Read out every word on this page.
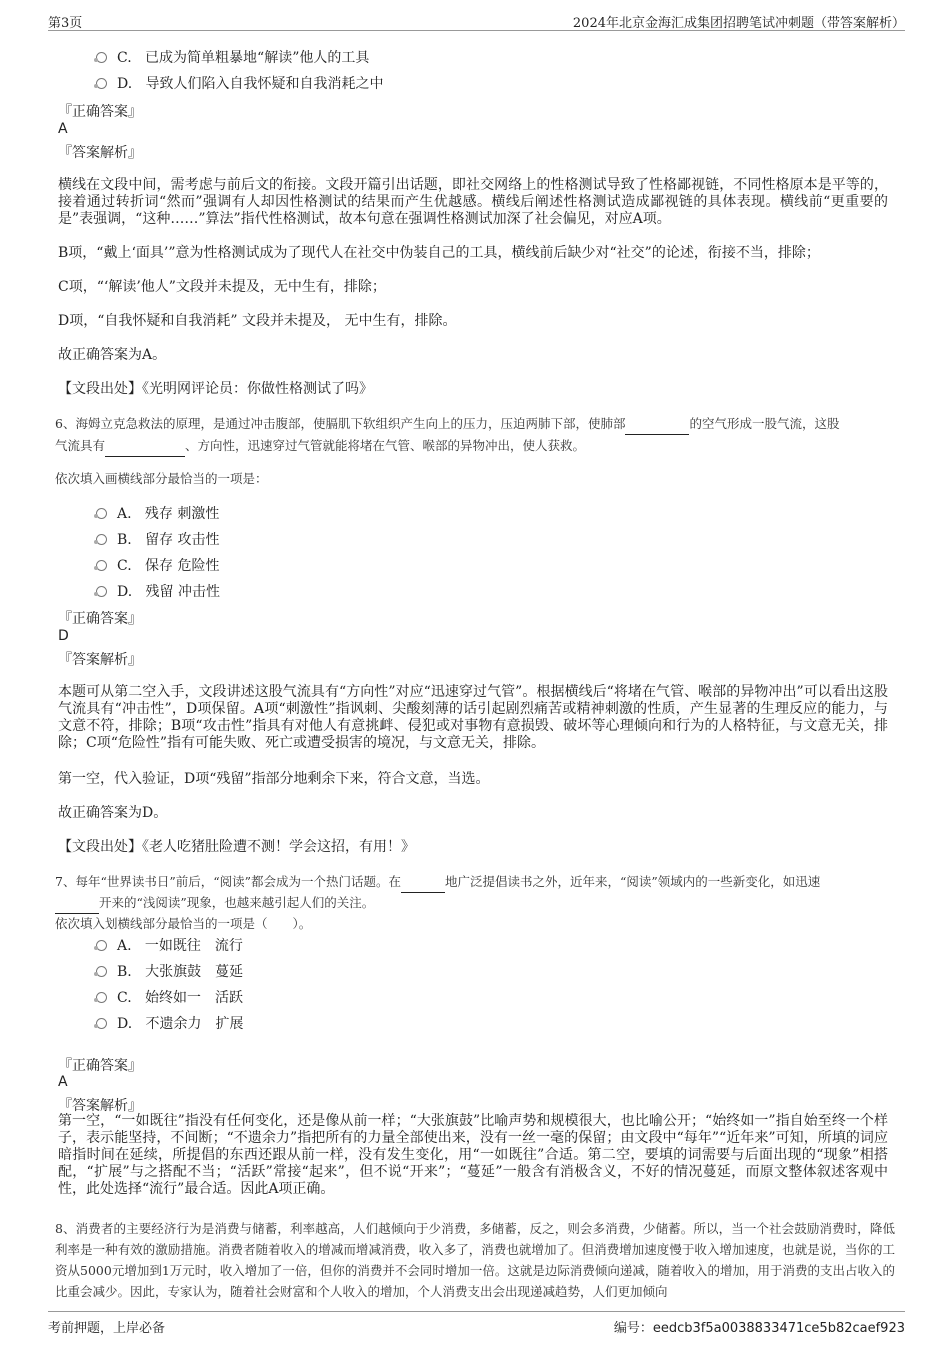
第3页	2024年北京金海汇成集团招聘笔试冲刺题（带答案解析）
C. 已成为简单粗暴地“解读”他人的工具
D. 导致人们陷入自我怀疑和自我消耗之中
『正确答案』
A
『答案解析』
横线在文段中间，需考虑与前后文的衔接。文段开篇引出话题，即社交网络上的性格测试导致了性格鄙视链，不同性格原本是平等的，接着通过转折词“然而”强调有人却因性格测试的结果而产生优越感。横线后阐述性格测试造成鄙视链的具体表现。横线前“更重要的是”表强调，“这种……”算法”指代性格测试，故本句意在强调性格测试加深了社会偏见，对应A项。
B项，“戴上‘面具’”意为性格测试成为了现代人在社交中伪装自己的工具，横线前后缺少对“社交”的论述，衔接不当，排除；
C项，“‘解读’他人”文段并未提及，无中生有，排除；
D项，“自我怀疑和自我消耗” 文段并未提及， 无中生有，排除。
故正确答案为A。
【文段出处】《光明网评论员：你做性格测试了吗》
6、海姆立克急救法的原理，是通过冲击腹部，使膈肌下软组织产生向上的压力，压迫两肺下部，使肺部	的空气形成一股气流，这股
气流具有	、方向性，迅速穿过气管就能将堵在气管、喉部的异物冲出，使人获救。
依次填入画横线部分最恰当的一项是：
A. 残存 刺激性
B. 留存 攻击性
C. 保存 危险性
D. 残留 冲击性
『正确答案』
D
『答案解析』
本题可从第二空入手，文段讲述这股气流具有“方向性”对应“迅速穿过气管”。根据横线后“将堵在气管、喉部的异物冲出”可以看出这股气流具有“冲击性”，D项保留。A项“刺激性”指讽刺、尖酸刻薄的话引起剧烈痛苦或精神刺激的性质，产生显著的生理反应的能力，与文意不符，排除；B项“攻击性”指具有对他人有意挑衅、侵犯或对事物有意损毁、破坏等心理倾向和行为的人格特征，与文意无关，排除；C项“危险性”指有可能失败、死亡或遭受损害的境况，与文意无关，排除。
第一空，代入验证，D项“残留”指部分地剩余下来，符合文意，当选。
故正确答案为D。
【文段出处】《老人吃猪肚险遭不测！学会这招，有用！》
7、每年“世界读书日”前后，“阅读”都会成为一个热门话题。在	地广泛提倡读书之外，近年来，“阅读”领域内的一些新变化，如迅速
开来的“浅阅读”现象，也越来越引起人们的关注。
依次填入划横线部分最恰当的一项是（　　）。
A. 一如既往　流行
B. 大张旗鼓　蔓延
C. 始终如一　活跃
D. 不遗余力　扩展
『正确答案』
A
『答案解析』
第一空，“一如既往”指没有任何变化，还是像从前一样；“大张旗鼓”比喻声势和规模很大，也比喻公开；“始终如一”指自始至终一个样子，表示能坚持，不间断；“不遗余力”指把所有的力量全部使出来，没有一丝一毫的保留；由文段中“每年”“近年来”可知，所填的词应暗指时间在延续，所提倡的东西还跟从前一样，没有发生变化，用“一如既往”合适。第二空，要填的词需要与后面出现的“现象”相搭配，“扩展”与之搭配不当；“活跃”常接“起来”，但不说“开来”；“蔓延”一般含有消极含义，不好的情况蔓延，而原文整体叙述客观中性，此处选择“流行”最合适。因此A项正确。
8、消费者的主要经济行为是消费与储蓄，利率越高，人们越倾向于少消费，多储蓄，反之，则会多消费，少储蓄。所以，当一个社会鼓励消费时，降低利率是一种有效的激励措施。消费者随着收入的增减而增减消费，收入多了，消费也就增加了。但消费增加速度慢于收入增加速度，也就是说，当你的工资从5000元增加到1万元时，收入增加了一倍，但你的消费并不会同时增加一倍。这就是边际消费倾向递减，随着收入的增加，用于消费的支出占收入的比重会减少。因此，专家认为，随着社会财富和个人收入的增加，个人消费支出会出现递减趋势，人们更加倾向
考前押题，上岸必备	编号：eedcb3f5a0038833471ce5b82caef923
